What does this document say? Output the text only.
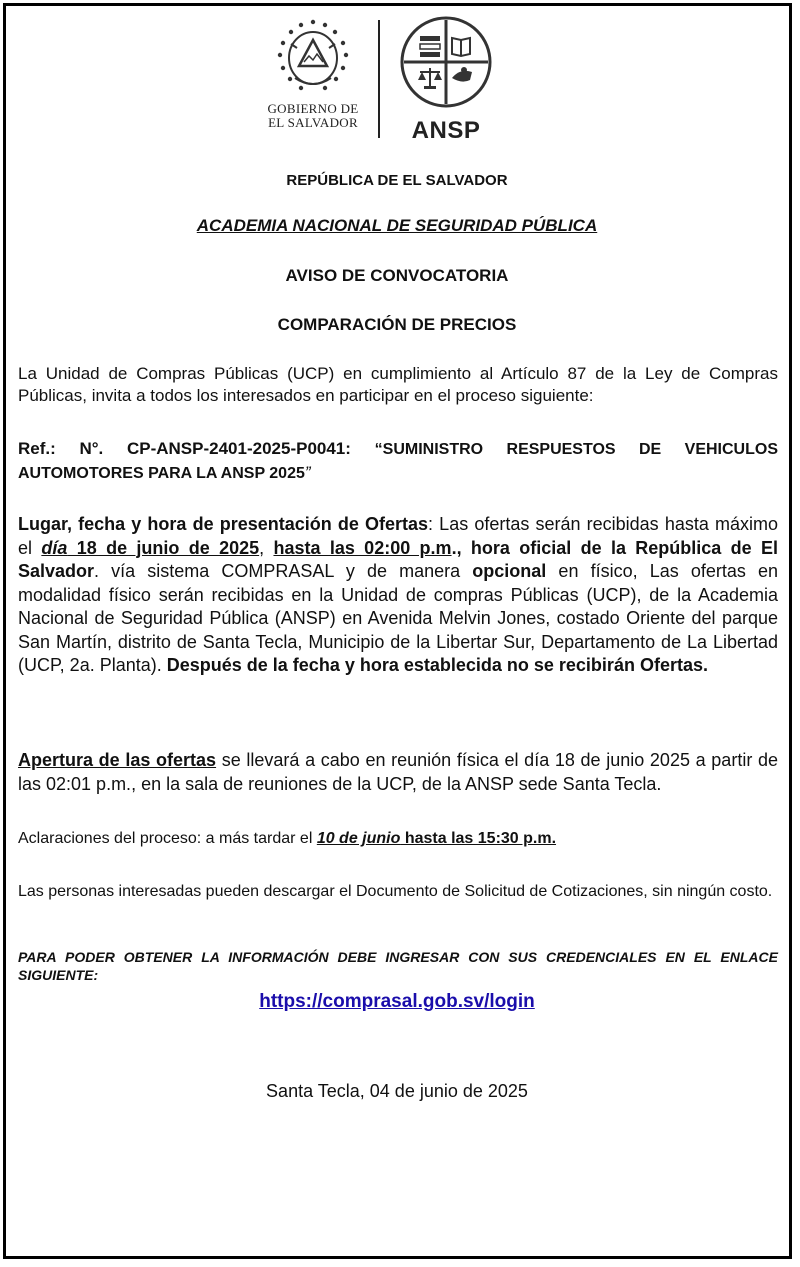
GOBIERNO DE
EL SALVADOR	ANSP
REPÚBLICA DE EL SALVADOR
ACADEMIA NACIONAL DE SEGURIDAD PÚBLICA
AVISO DE CONVOCATORIA
COMPARACIÓN DE PRECIOS
La Unidad de Compras Públicas (UCP) en cumplimiento al Artículo 87 de la Ley de Compras Públicas, invita a todos los interesados en participar en el proceso siguiente:
Ref.: N°. CP-ANSP-2401-2025-P0041: “SUMINISTRO RESPUESTOS DE VEHICULOS AUTOMOTORES PARA LA ANSP 2025”
Lugar, fecha y hora de presentación de Ofertas: Las ofertas serán recibidas hasta máximo el día 18 de junio de 2025, hasta las 02:00 p.m., hora oficial de la República de El Salvador. vía sistema COMPRASAL y de manera opcional en físico, Las ofertas en modalidad físico serán recibidas en la Unidad de compras Públicas (UCP), de la Academia Nacional de Seguridad Pública (ANSP) en Avenida Melvin Jones, costado Oriente del parque San Martín, distrito de Santa Tecla, Municipio de la Libertar Sur, Departamento de La Libertad (UCP, 2a. Planta). Después de la fecha y hora establecida no se recibirán Ofertas.
Apertura de las ofertas se llevará a cabo en reunión física el día 18 de junio 2025 a partir de las 02:01 p.m., en la sala de reuniones de la UCP, de la ANSP sede Santa Tecla.
Aclaraciones del proceso: a más tardar el 10 de junio hasta las 15:30 p.m.
Las personas interesadas pueden descargar el Documento de Solicitud de Cotizaciones, sin ningún costo.
PARA PODER OBTENER LA INFORMACIÓN DEBE INGRESAR CON SUS CREDENCIALES EN EL ENLACE SIGUIENTE:
https://comprasal.gob.sv/login
Santa Tecla, 04 de junio de 2025
